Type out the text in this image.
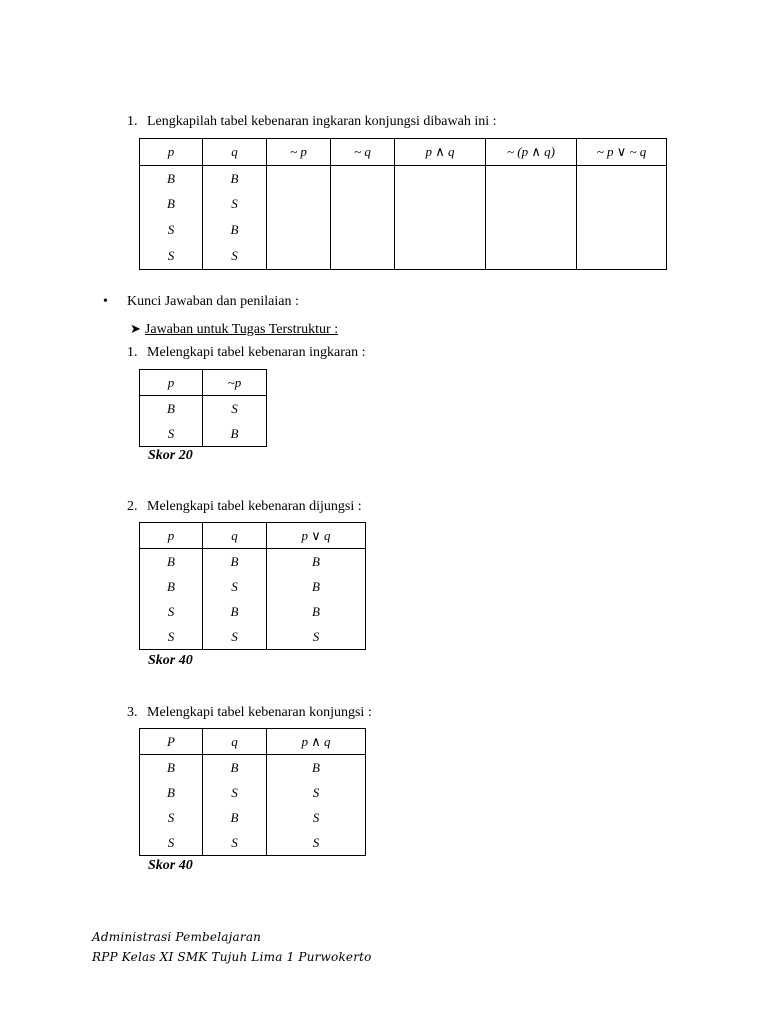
1. Lengkapilah tabel kebenaran ingkaran konjungsi dibawah ini :
p	q	~ p	~ q	p ∧ q	~ (p ∧ q)	~ p ∨ ~ q
B	B					
B	S					
S	B					
S	S					
• Kunci Jawaban dan penilaian :
➤ Jawaban untuk Tugas Terstruktur :
1. Melengkapi tabel kebenaran ingkaran :
p	~p
B	S
S	B
Skor 20
2. Melengkapi tabel kebenaran dijungsi :
p	q	p ∨ q
B	B	B
B	S	B
S	B	B
S	S	S
Skor 40
3. Melengkapi tabel kebenaran konjungsi :
P	q	p ∧ q
B	B	B
B	S	S
S	B	S
S	S	S
Skor 40
Administrasi Pembelajaran
RPP Kelas XI SMK Tujuh Lima 1 Purwokerto
